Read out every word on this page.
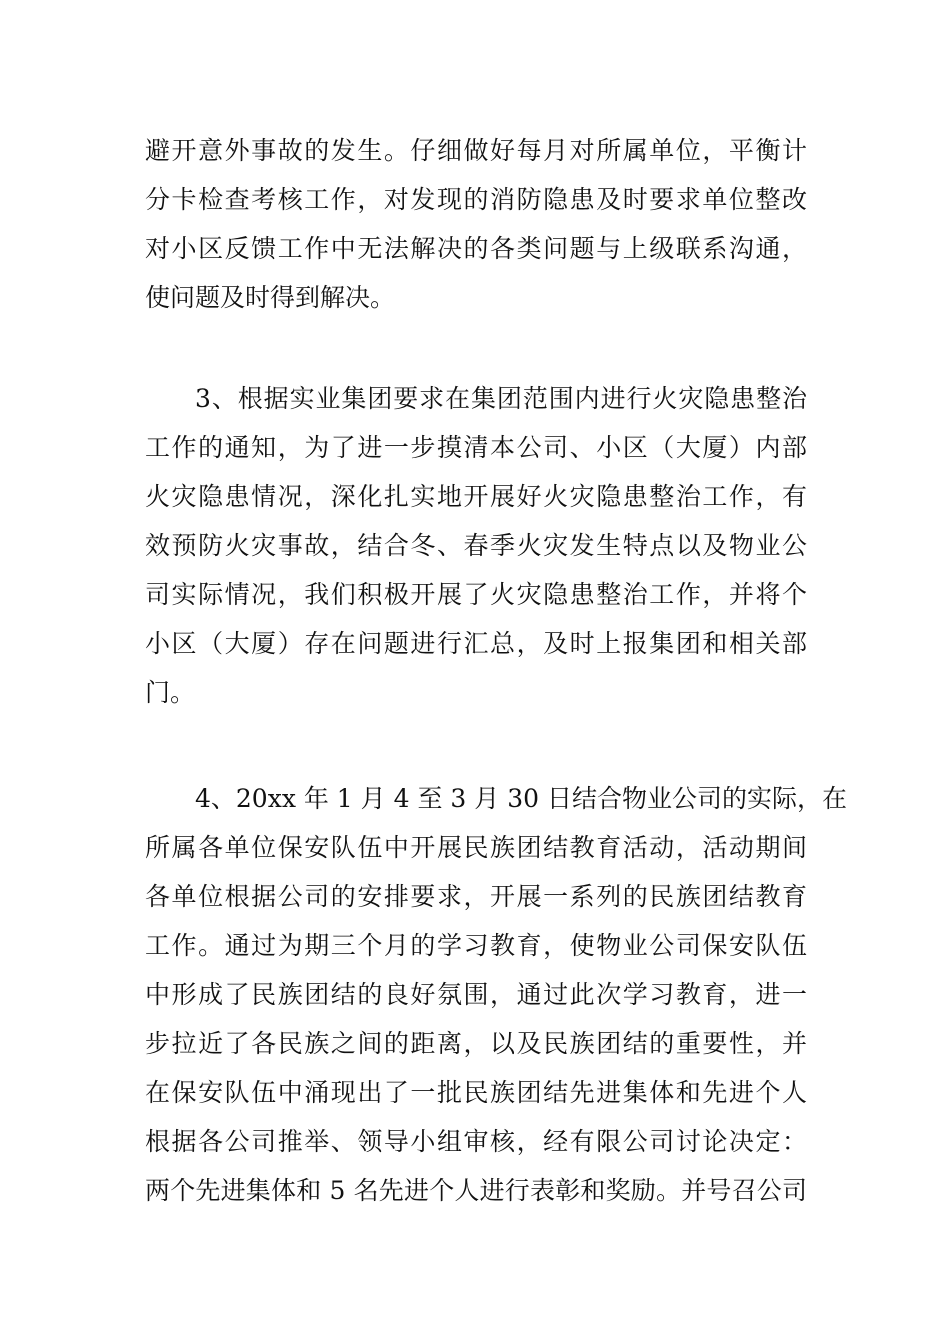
避开意外事故的发生。仔细做好每月对所属单位，平衡计
分卡检查考核工作，对发现的消防隐患及时要求单位整改
对小区反馈工作中无法解决的各类问题与上级联系沟通，
使问题及时得到解决。
3、根据实业集团要求在集团范围内进行火灾隐患整治
工作的通知，为了进一步摸清本公司、小区（大厦）内部
火灾隐患情况，深化扎实地开展好火灾隐患整治工作，有
效预防火灾事故，结合冬、春季火灾发生特点以及物业公
司实际情况，我们积极开展了火灾隐患整治工作，并将个
小区（大厦）存在问题进行汇总，及时上报集团和相关部
门。
4、20xx 年 1 月 4 至 3 月 30 日结合物业公司的实际，在
所属各单位保安队伍中开展民族团结教育活动，活动期间
各单位根据公司的安排要求，开展一系列的民族团结教育
工作。通过为期三个月的学习教育，使物业公司保安队伍
中形成了民族团结的良好氛围，通过此次学习教育，进一
步拉近了各民族之间的距离，以及民族团结的重要性，并
在保安队伍中涌现出了一批民族团结先进集体和先进个人
根据各公司推举、领导小组审核，经有限公司讨论决定：
两个先进集体和 5 名先进个人进行表彰和奖励。并号召公司
